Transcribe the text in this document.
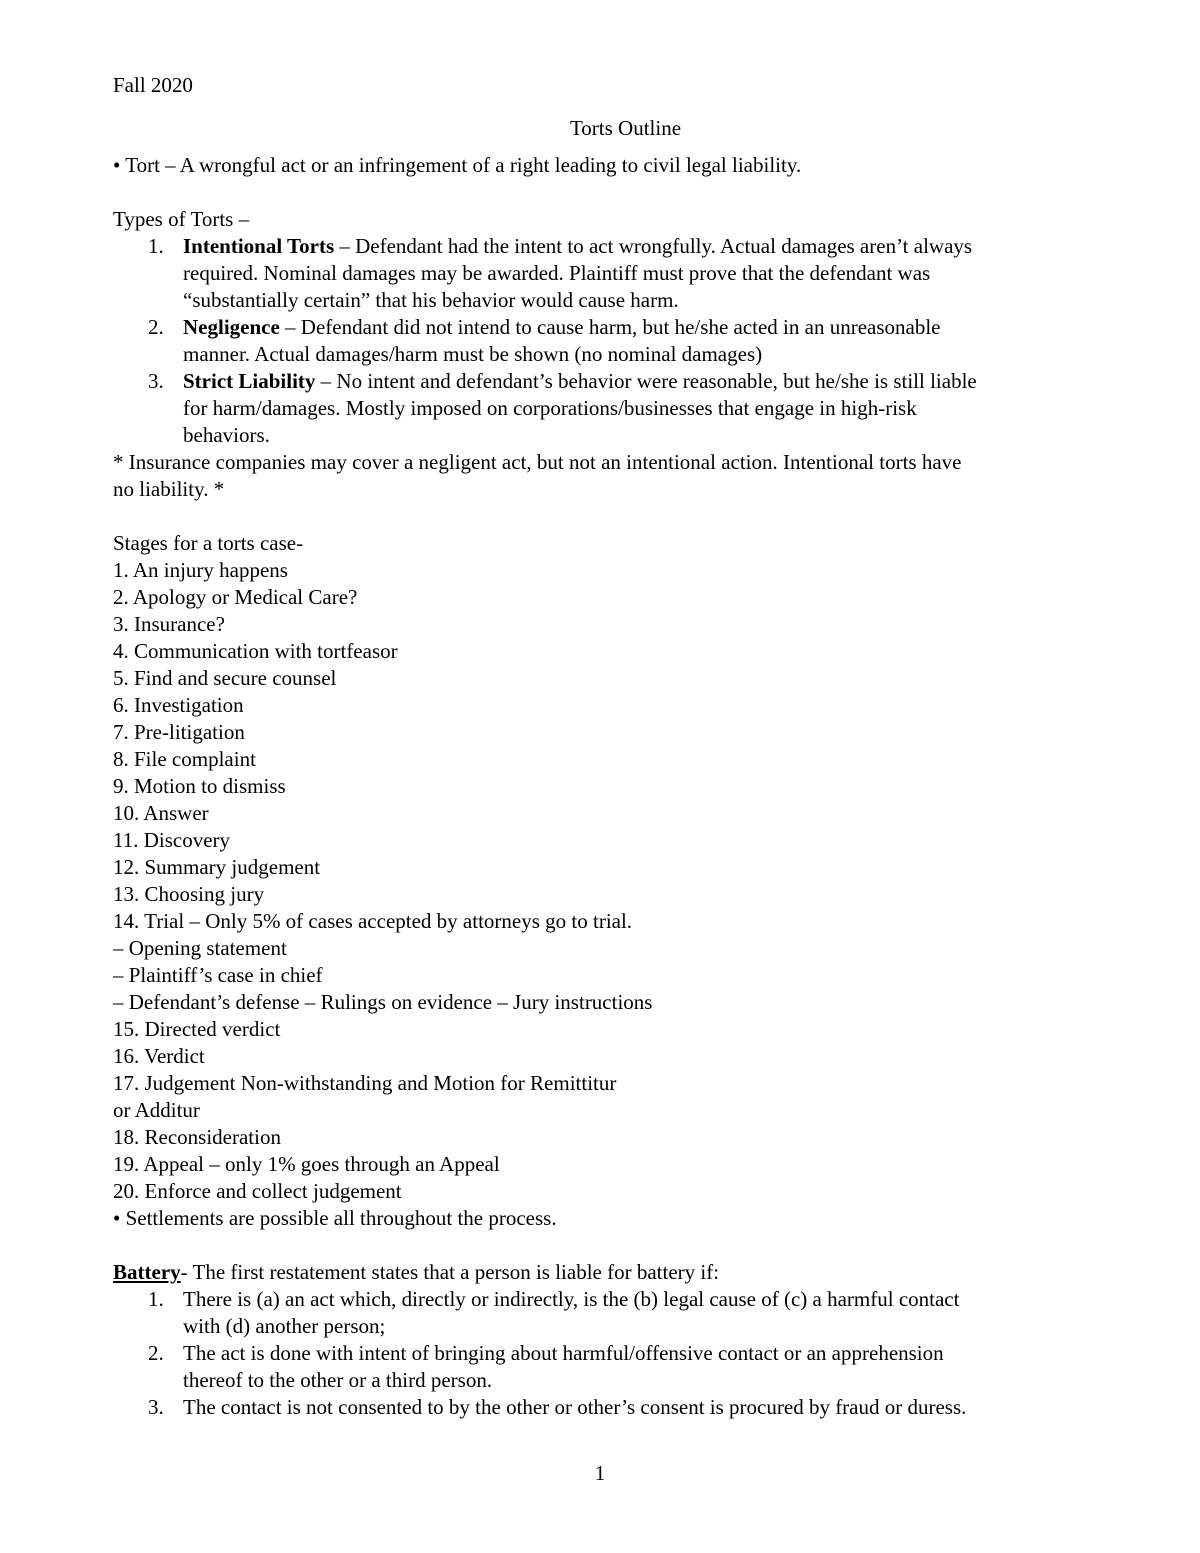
Fall 2020

Torts Outline

• Tort – A wrongful act or an infringement of a right leading to civil legal liability.

Types of Torts –

1. Intentional Torts – Defendant had the intent to act wrongfully. Actual damages aren’t always
required. Nominal damages may be awarded. Plaintiff must prove that the defendant was
“substantially certain” that his behavior would cause harm.
2. Negligence – Defendant did not intend to cause harm, but he/she acted in an unreasonable
manner. Actual damages/harm must be shown (no nominal damages)
3. Strict Liability – No intent and defendant’s behavior were reasonable, but he/she is still liable
for harm/damages. Mostly imposed on corporations/businesses that engage in high-risk
behaviors.

* Insurance companies may cover a negligent act, but not an intentional action. Intentional torts have

no liability. *

Stages for a torts case-

1. An injury happens

2. Apology or Medical Care?

3. Insurance?

4. Communication with tortfeasor

5. Find and secure counsel

6. Investigation

7. Pre-litigation

8. File complaint

9. Motion to dismiss

10. Answer

11. Discovery

12. Summary judgement

13. Choosing jury

14. Trial – Only 5% of cases accepted by attorneys go to trial.

– Opening statement

– Plaintiff’s case in chief

– Defendant’s defense – Rulings on evidence – Jury instructions

15. Directed verdict

16. Verdict

17. Judgement Non-withstanding and Motion for Remittitur

or Additur

18. Reconsideration

19. Appeal – only 1% goes through an Appeal

20. Enforce and collect judgement

• Settlements are possible all throughout the process.

Battery- The first restatement states that a person is liable for battery if:

1. There is (a) an act which, directly or indirectly, is the (b) legal cause of (c) a harmful contact
with (d) another person;
2. The act is done with intent of bringing about harmful/offensive contact or an apprehension
thereof to the other or a third person.
3. The contact is not consented to by the other or other’s consent is procured by fraud or duress.
1
